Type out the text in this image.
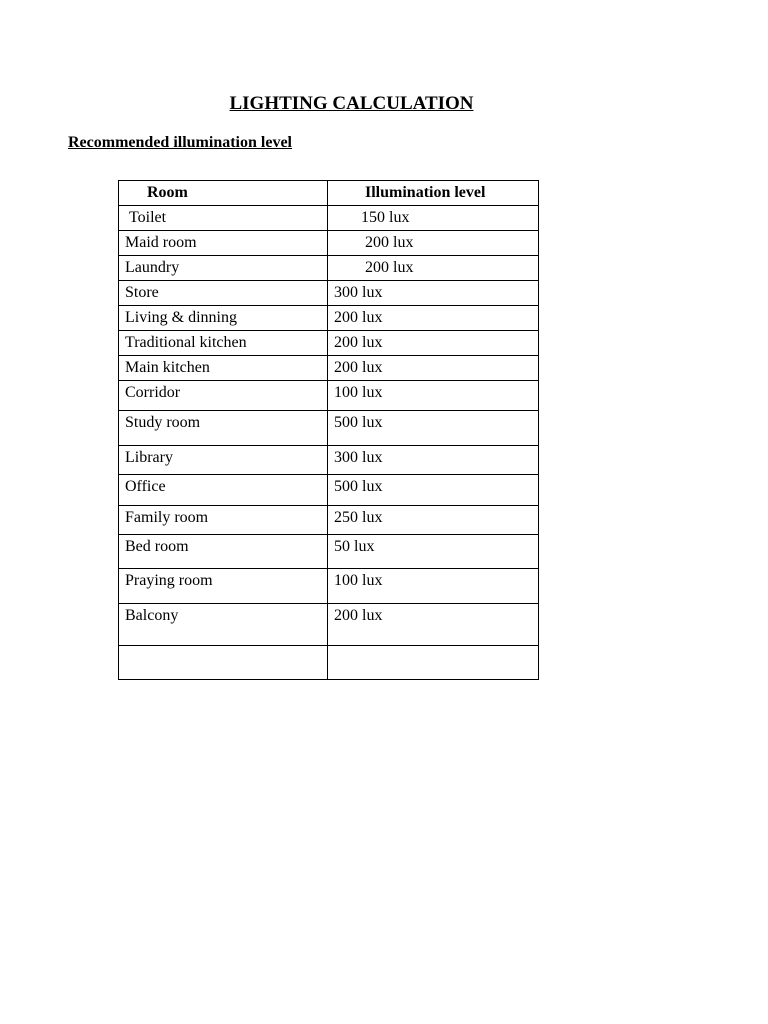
LIGHTING CALCULATION
Recommended illumination level
Room	Illumination level
Toilet	150 lux
Maid room	200 lux
Laundry	200 lux
Store	300 lux
Living & dinning	200 lux
Traditional kitchen	200 lux
Main kitchen	200 lux
Corridor	100 lux
Study room	500 lux
Library	300 lux
Office	500 lux
Family room	250 lux
Bed room	50 lux
Praying room	100 lux
Balcony	200 lux
